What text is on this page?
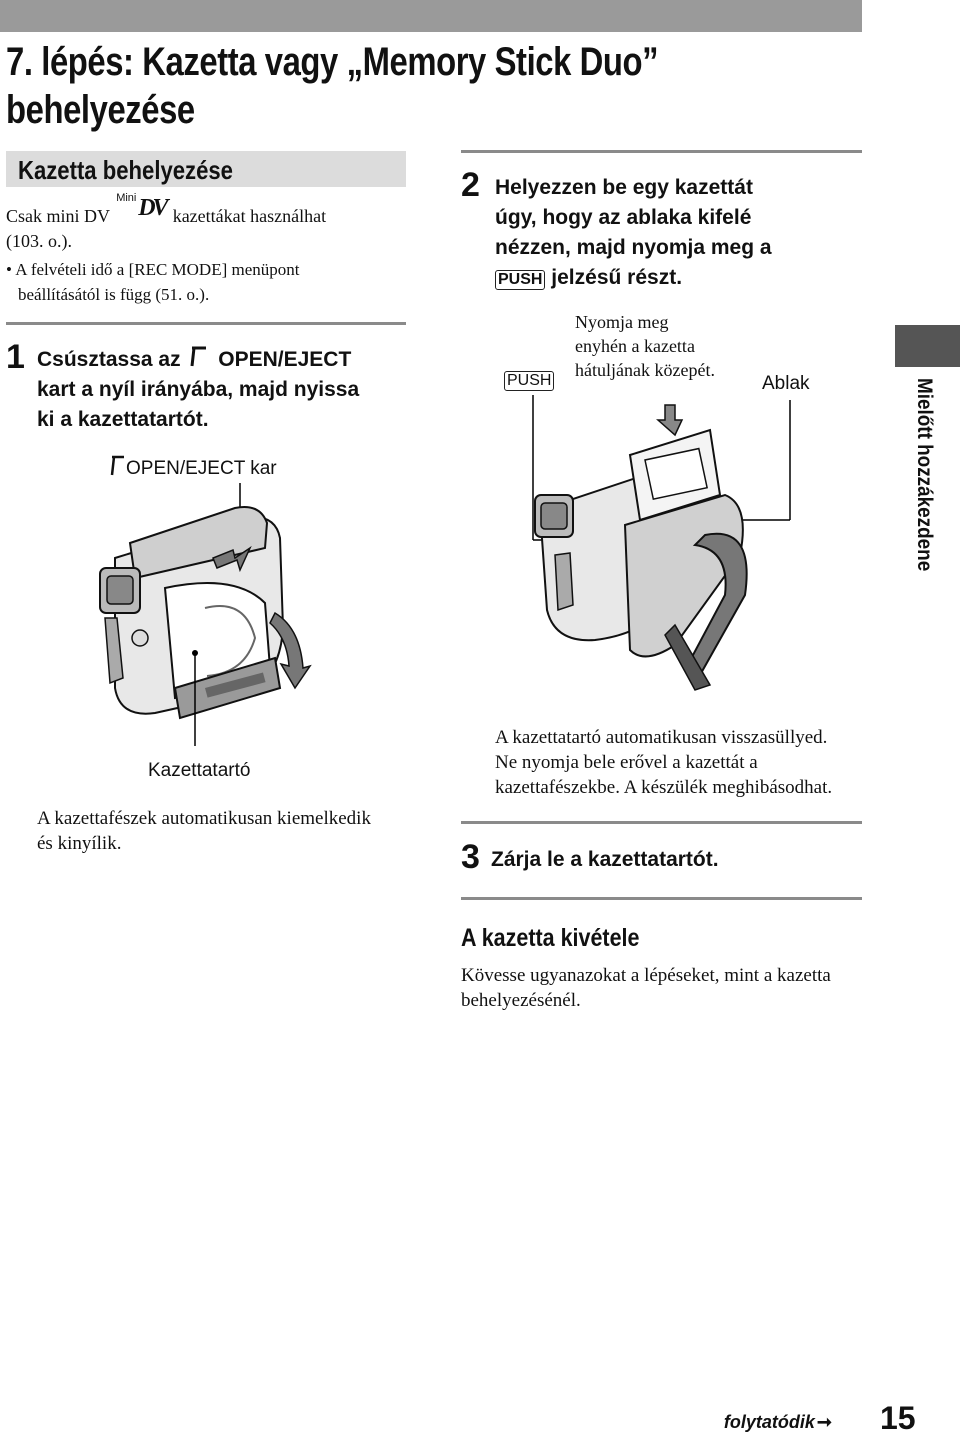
7. lépés: Kazetta vagy „Memory Stick Duo”
behelyezése
Kazetta behelyezése
Csak mini DV
Mini DV kazettákat használhat
(103. o.).
• A felvételi idő a [REC MODE] menüpont
beállításától is függ (51. o.).
1 Csúsztassa az OPEN/EJECT
kart a nyíl irányába, majd nyissa
ki a kazettatartót.
OPEN/EJECT kar
Kazettatartó
A kazettafészek automatikusan kiemelkedik
és kinyílik.
2 Helyezzen be egy kazettát
úgy, hogy az ablaka kifelé
nézzen, majd nyomja meg a
PUSH jelzésű részt.
PUSH
Nyomja meg
enyhén a kazetta
hátuljának közepét.
Ablak
A kazettatartó automatikusan visszasüllyed.
Ne nyomja bele erővel a kazettát a
kazettafészekbe. A készülék meghibásodhat.
3 Zárja le a kazettatartót.
A kazetta kivétele
Kövesse ugyanazokat a lépéseket, mint a kazetta
behelyezésénél.
Mielőtt hozzákezdene
folytatódik ➞ 15
